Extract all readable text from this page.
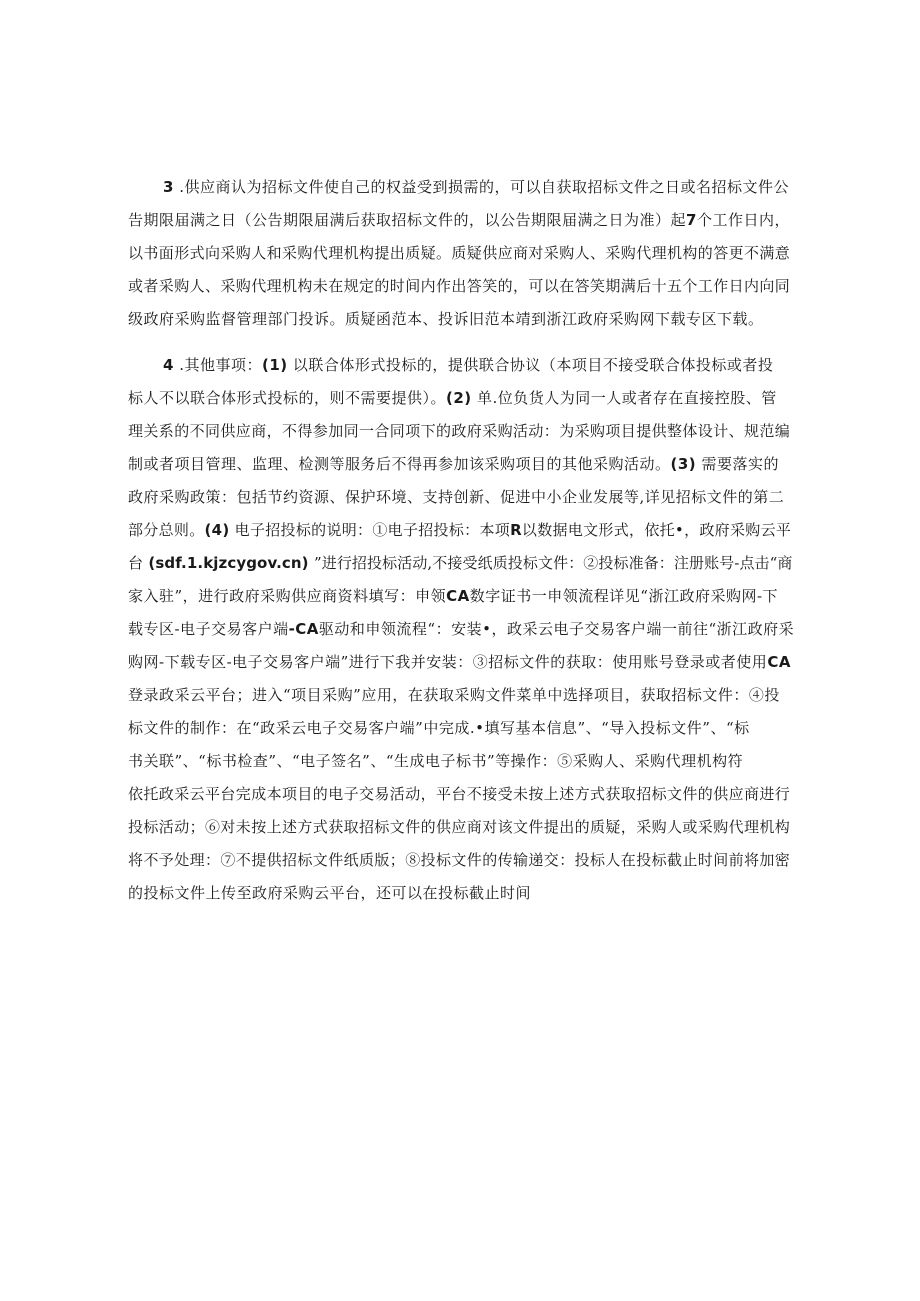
3 .供应商认为招标文件使自己的权益受到损需的，可以自获取招标文件之日或名招标文件公

告期限届满之日（公告期限届满后获取招标文件的，以公告期限届满之日为准）起7个工作日内，

以书面形式向采购人和采购代理机构提出质疑。质疑供应商对采购人、采购代理机构的答更不满意

或者采购人、采购代理机构未在规定的时间内作出答笑的，可以在答笑期满后十五个工作日内向同

级政府采购监督管理部门投诉。质疑函范本、投诉旧范本靖到浙江政府采购网下载专区下载。

4 .其他事项：(1) 以联合体形式投标的，提供联合协议（本项目不接受联合体投标或者投

标人不以联合体形式投标的，则不需要提供）。(2) 单.位负货人为同一人或者存在直接控股、管

理关系的不同供应商，不得参加同一合同项下的政府采购活动：为采购项目提供整体设计、规范编

制或者项目管理、监理、检测等服务后不得再参加该采购项目的其他采购活动。(3) 需要落实的

政府采购政策：包括节约资源、保护环境、支持创新、促进中小企业发展等,详见招标文件的第二

部分总则。(4) 电子招投标的说明：①电子招投标：本项R以数据电文形式，依托•，政府采购云平

台 (sdf.1.kjzcygov.cn) ”进行招投标活动,不接受纸质投标文件：②投标准备：注册账号-点击“商

家入驻”，进行政府采购供应商资料填写：申领CA数字证书一申领流程详见“浙江政府采购网-下

载专区-电子交易客户端-CA驱动和申领流程“：安装•，政采云电子交易客户端一前往“浙江政府采

购网-下载专区-电子交易客户端”进行下我并安装：③招标文件的获取：使用账号登录或者使用CA

登录政采云平台；进入“项目采购”应用，在获取采购文件菜单中选择项目，获取招标文件：④投

标文件的制作：在“政采云电子交易客户端”中完成.•填写基本信息”、“导入投标文件”、“标

书关联”、“标书检查”、“电子签名”、“生成电子标书”等操作：⑤采购人、采购代理机构符

依托政采云平台完成本项目的电子交易活动，平台不接受未按上述方式获取招标文件的供应商进行

投标活动；⑥对未按上述方式获取招标文件的供应商对该文件提出的质疑，采购人或采购代理机构

将不予处理：⑦不提供招标文件纸质版；⑧投标文件的传输递交：投标人在投标截止时间前将加密

的投标文件上传至政府采购云平台，还可以在投标截止时间
